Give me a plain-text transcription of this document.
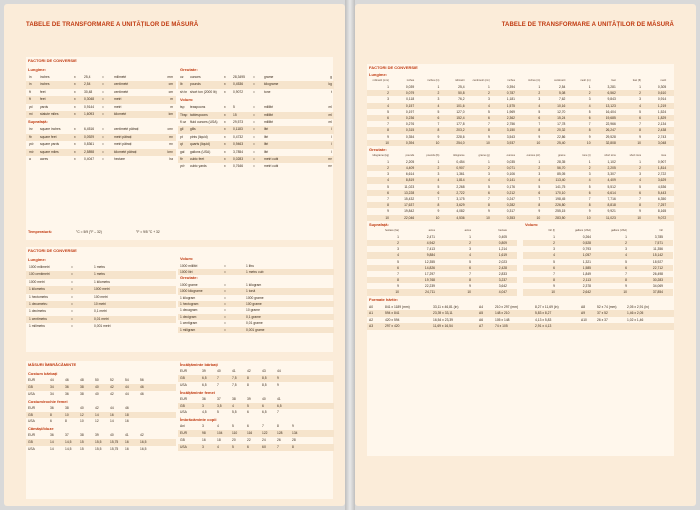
TABELE DE TRANSFORMARE A UNITĂȚILOR DE MĂSURĂ
FACTORI DE CONVERSIE
Lungime:
in	inches	x	25,4	=	milimetri	mm
in	inches	x	2,54	=	centimetri	cm
ft	feet	x	30,48	=	centimetri	cm
ft	feet	x	0,3048	=	metri	m
yd	yards	x	0,9144	=	metri	m
mi	statute miles	x	1,6093	=	kilometri	km
Suprafață:
in²	square inches	x	6,4516	=	centimetri pătrați	cm²
ft²	square feet	x	0,0929	=	metri pătrați	m²
yd²	square yards	x	0,8361	=	metri pătrați	m²
mi²	square miles	x	2,5898	=	kilometri pătrați	km²
a	acres	x	0,4047	=	hectare	ha
Greutate:
oz	ounces	x	28,3495	=	grame	g
lb	pounds	x	0,4536	=	kilograme	kg
sh tn short ton (2000 lb)	x	0,9072	=	tone	t
Volum:
tsp	teaspoons	x	5	=	mililitri	ml
Tbsp tablespoons	x	15	=	mililitri	ml
fl oz	fluid ounces (USA)	x	29,573	=	mililitri	ml
gil	gills	x	0,1183	=	litri	l
pt	pints (liquid)	x	0,4732	=	litri	l
qt	quarts (liquid)	x	0,9463	=	litri	l
gal	gallons (USA)	x	3,7854	=	litri	l
ft³	cubic feet	x	0,0283	=	metri cubi	m³
yd³	cubic yards	x	0,7646	=	metri cubi	m³
Temperatură:	°C = 5/9 (°F – 32)	°F = 9/5 °C + 32
FACTORI DE CONVERSIE
Lungime:
1000 milimetri	=	1 metru
100 centimetri	=	1 metru
1000 metri	=	1 kilometru
1 kilometru	=	1000 metri
1 hectometru	=	100 metri
1 decametru	=	10 metri
1 decimetru	=	0,1 metri
1 centimetru	=	0,01 metri
1 milimetru	=	0,001 metri
Volum:
1000 mililitri	=	1 litru
1000 litri	=	1 metru cub
Greutate:
1000 grame	=	1 kilogram
1000 kilograme	=	1 tonă
1 kilogram	=	1000 grame
1 hectogram	=	100 grame
1 decagram	=	10 grame
1 decigram	=	0,1 grame
1 centigram	=	0,01 grame
1 miligram	=	0,001 grame
MĂSURI ÎMBRĂCĂMINTE
Costum bărbați
EUR	44	46	48	50	52	54	56
GB	34	36	38	40	42	44	46
USA	34	36	38	40	42	44	46
Costum/rochie femei
EUR	36	38	40	42	44	46
GB	8	10	12	14	16	18
USA	6	8	10	12	14	16
Cămăși/bluze
EUR	36	37	38	39	40	41	42
GB	14	14,5	15	15,5	15,75 16	16,5
USA	14	14,5	15	15,5	15,75 16	16,5
Încălțăminte bărbați
EUR	39	40	41	42	43	44
GB	6,5	7	7,5	8	8,5	9
USA	6,5	7	7,5	8	8,5	9
Încălțăminte femei
EUR	36	37	38	39	40	41
GB	3	3,5	4	5	6	6,5
USA	4,5	5	5,5	6	6,5	7
Îmbrăcăminte copii
Ani	3	4	5	6	7	8	9
EUR	98	104	110	116	122	128	134
GB	16	18	20	22	24	26	28
USA	3	4	5	6	6X	7	8
TABELE DE TRANSFORMARE A UNITĂȚILOR DE MĂSURĂ
FACTORI DE CONVERSIE
Lungime:
milimetri (mm)	inches	inches (in)	milimetri	centimetri (cm)	inches	inches (in)	centimetri	metri (m)	feet	feet (ft)	metri
1	0,039	1	25,4	1	0,394	1	2,54	1	3,281	1	0,305
2	0,079	2	50,8	2	0,787	2	5,08	2	6,562	2	0,610
3	0,118	3	76,2	3	1,181	3	7,62	3	9,843	3	0,914
4	0,157	4	101,6	4	1,575	4	10,16	4	13,123	4	1,219
5	0,197	5	127,0	5	1,969	5	12,70	5	16,404	5	1,524
6	0,236	6	152,4	6	2,362	6	15,24	6	19,685	6	1,829
7	0,276	7	177,8	7	2,756	7	17,78	7	22,966	7	2,134
8	0,315	8	203,2	8	3,150	8	20,32	8	26,247	8	2,438
9	0,354	9	228,6	9	3,543	9	22,86	9	29,528	9	2,743
10	0,394	10	254,0	10	3,937	10	25,40	10	32,808	10	3,048
Greutate:
kilograme (kg)	pounds	pounds (lb)	kilograme	grame (g)	ounces	ounces (oz)	grame	tone (t)	short tons	short tons	tone
1	2,205	1	0,454	1	0,035	1	28,35	1	1,102	1	0,907
2	4,409	2	0,907	2	0,071	2	56,70	2	2,205	2	1,814
3	6,614	3	1,361	3	0,106	3	85,05	3	3,307	3	2,722
4	8,819	4	1,814	4	0,141	4	113,40	4	4,409	4	3,629
5	11,023	5	2,268	5	0,176	5	141,75	5	5,512	5	4,536
6	13,228	6	2,722	6	0,212	6	170,10	6	6,614	6	5,443
7	15,432	7	3,175	7	0,247	7	198,45	7	7,716	7	6,350
8	17,637	8	3,629	8	0,282	8	226,80	8	8,818	8	7,257
9	19,842	9	4,082	9	0,317	9	255,15	9	9,921	9	8,165
10	22,046	10	4,536	10	0,353	10	283,50	10	11,023	10	9,072
Suprafață:
hectare (ha)	acres	acres	hectare
1	2,471	1	0,405
2	4,942	2	0,809
3	7,413	3	1,214
4	9,884	4	1,619
5	12,355	5	2,023
6	14,826	6	2,428
7	17,297	7	2,833
8	19,768	8	3,237
9	22,239	9	3,642
10	24,711	10	4,047
Volum:
litri (l)	gallons (USA)	gallons (USA)	litri
1	0,264	1	3,785
2	0,528	2	7,571
3	0,793	3	11,356
4	1,057	4	15,142
5	1,321	5	18,927
6	1,585	6	22,712
7	1,849	7	26,498
8	2,113	8	30,283
9	2,378	9	34,069
10	2,642	10	37,854
Formate hârtie:
A0	841 x 1189 (mm)	33,11 x 46,81 (in)	A4	210 x 297 (mm)	8,27 x 11,69 (in)	A8	52 x 74 (mm)	2,05 x 2,91 (in)
A1	594 x 841	23,39 x 33,11	A5	148 x 210	5,83 x 8,27	A9	37 x 52	1,46 x 2,05
A2	420 x 594	16,54 x 23,39	A6	105 x 148	4,13 x 5,83	A10	26 x 37	1,02 x 1,46
A3	297 x 420	11,69 x 16,54	A7	74 x 105	2,91 x 4,13
